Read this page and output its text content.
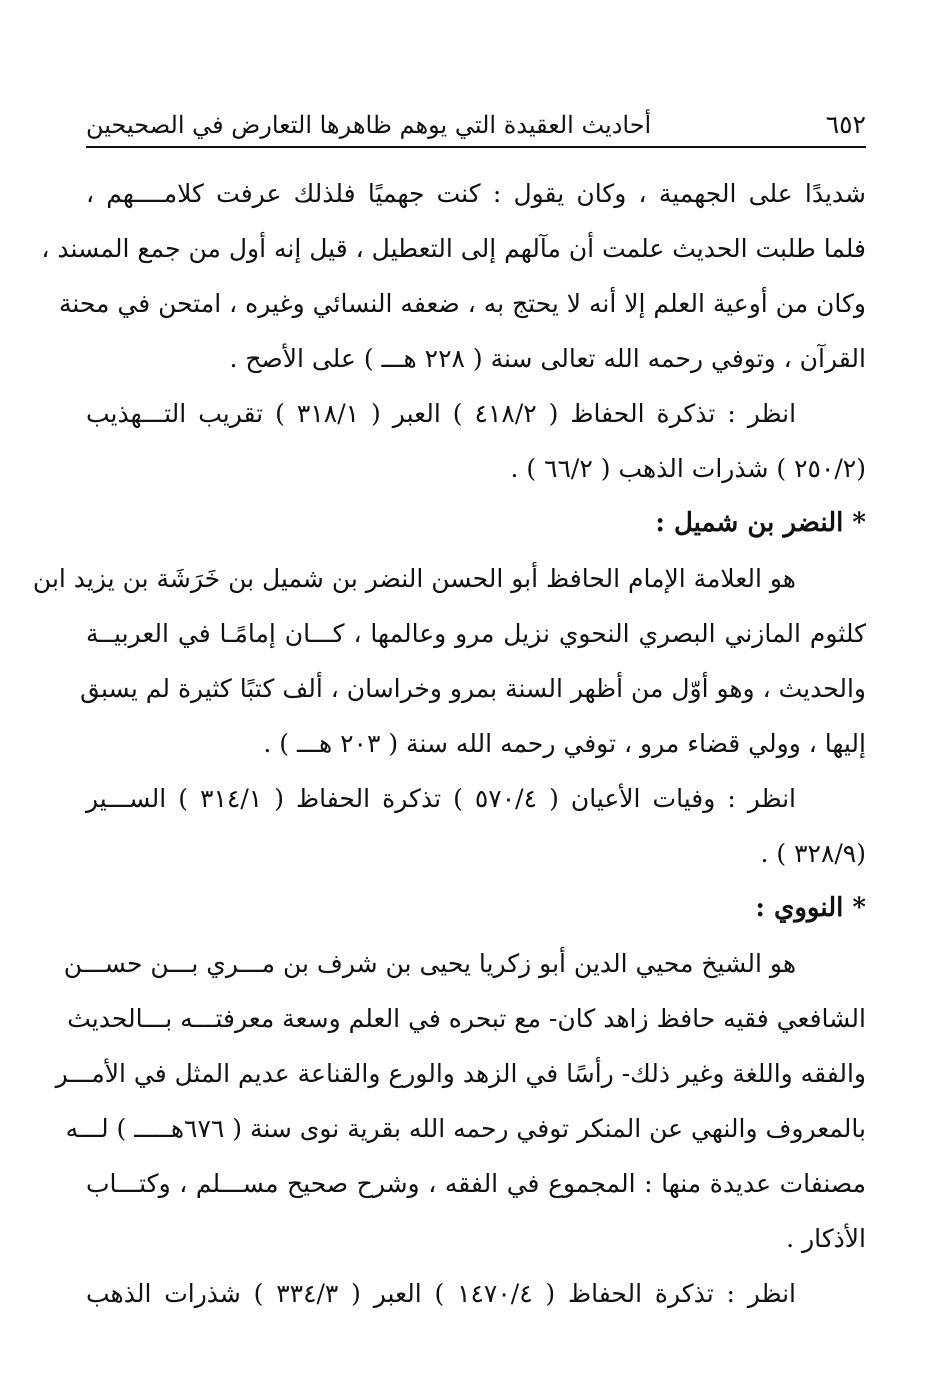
٦٥٢
أحاديث العقيدة التي يوهم ظاهرها التعارض في الصحيحين
شديدًا على الجهمية ، وكان يقول : كنت جهميًا فلذلك عرفت كلامــــهم ،
فلما طلبت الحديث علمت أن مآلهم إلى التعطيل ، قيل إنه أول من جمع المسند ،
وكان من أوعية العلم إلا أنه لا يحتج به ، ضعفه النسائي وغيره ، امتحن في محنة
القرآن ، وتوفي رحمه الله تعالى سنة ( ٢٢٨ هـــ ) على الأصح .
انظر : تذكرة الحفاظ ( ٤١٨/٢ ) العبر ( ٣١٨/١ ) تقريب التـــهذيب
(٢٥٠/٢ ) شذرات الذهب ( ٦٦/٢ ) .
* النضر بن شميل :
هو العلامة الإمام الحافظ أبو الحسن النضر بن شميل بن خَرَشَة بن يزيد ابن
كلثوم المازني البصري النحوي نزيل مرو وعالمها ، كـــان إمامًـا في العربيــة
والحديث ، وهو أوّل من أظهر السنة بمرو وخراسان ، ألف كتبًا كثيرة لم يسبق
إليها ، وولي قضاء مرو ، توفي رحمه الله سنة ( ٢٠٣ هـــ ) .
انظر : وفيات الأعيان ( ٥٧٠/٤ ) تذكرة الحفاظ ( ٣١٤/١ ) الســـير
(٣٢٨/٩ ) .
* النووي :
هو الشيخ محيي الدين أبو زكريا يحيى بن شرف بن مـــري بـــن حســـن
الشافعي فقيه حافظ زاهد كان- مع تبحره في العلم وسعة معرفتـــه بـــالحديث
والفقه واللغة وغير ذلك- رأسًا في الزهد والورع والقناعة عديم المثل في الأمـــر
بالمعروف والنهي عن المنكر توفي رحمه الله بقرية نوى سنة ( ٦٧٦هـــــ ) لـــه
مصنفات عديدة منها : المجموع في الفقه ، وشرح صحيح مســـلم ، وكتـــاب
الأذكار .
انظر : تذكرة الحفاظ ( ١٤٧٠/٤ ) العبر ( ٣٣٤/٣ ) شذرات الذهب
